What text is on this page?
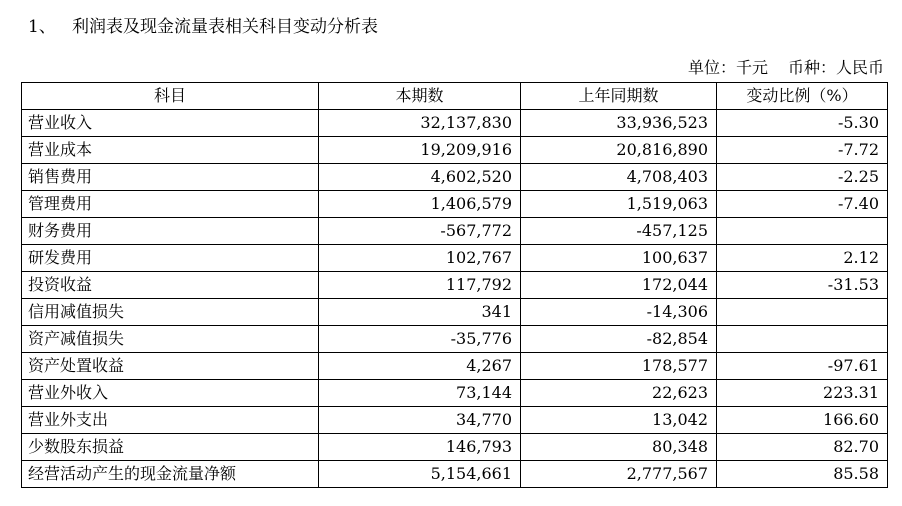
1、 利润表及现金流量表相关科目变动分析表
单位：千元 币种：人民币
科目	本期数	上年同期数	变动比例（%）
营业收入	32,137,830	33,936,523	-5.30
营业成本	19,209,916	20,816,890	-7.72
销售费用	4,602,520	4,708,403	-2.25
管理费用	1,406,579	1,519,063	-7.40
财务费用	-567,772	-457,125	
研发费用	102,767	100,637	2.12
投资收益	117,792	172,044	-31.53
信用减值损失	341	-14,306	
资产减值损失	-35,776	-82,854	
资产处置收益	4,267	178,577	-97.61
营业外收入	73,144	22,623	223.31
营业外支出	34,770	13,042	166.60
少数股东损益	146,793	80,348	82.70
经营活动产生的现金流量净额	5,154,661	2,777,567	85.58
